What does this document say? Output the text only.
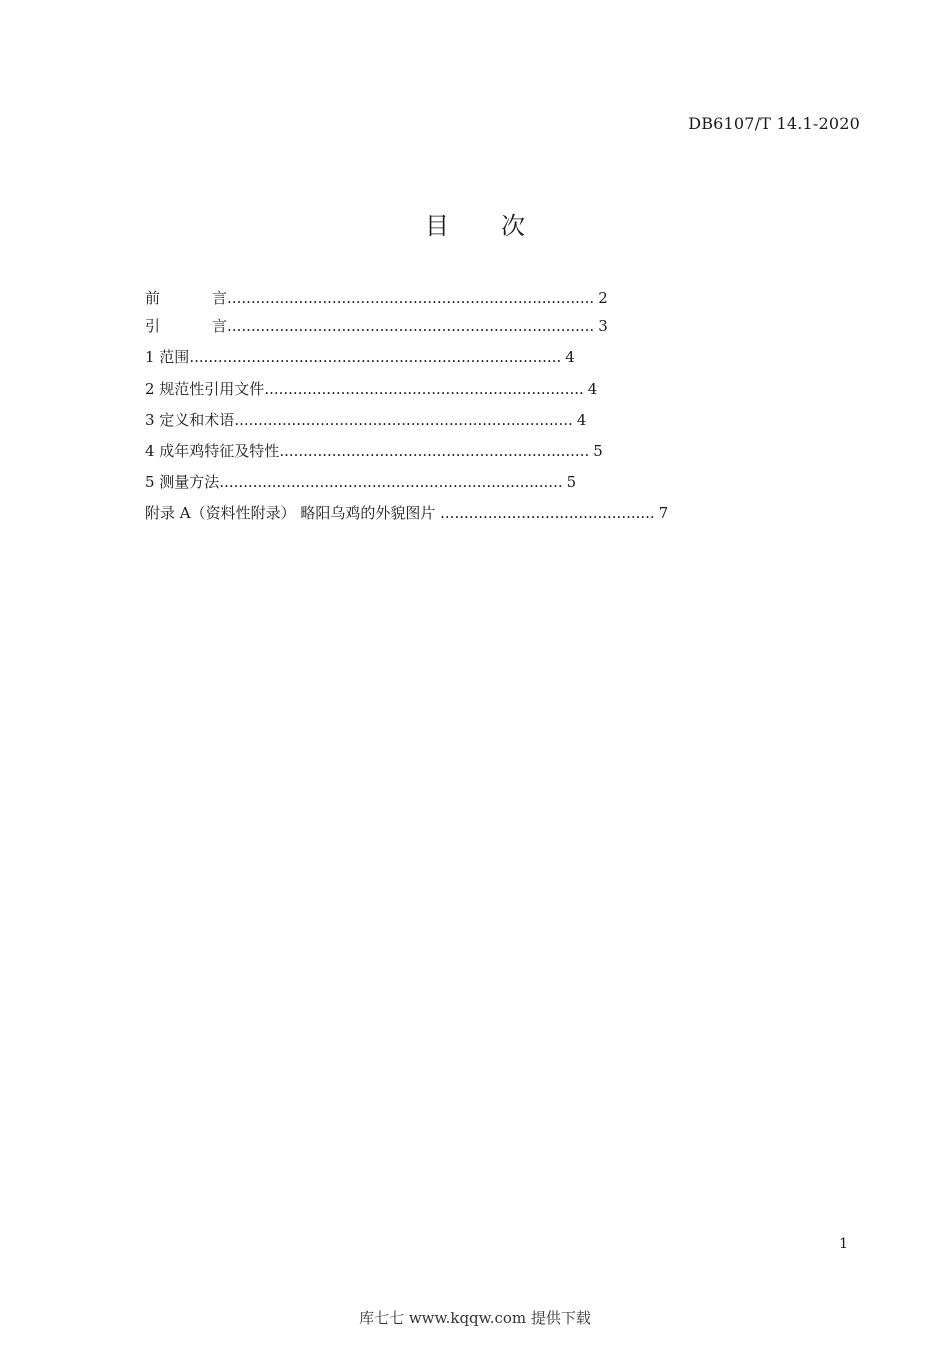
DB6107/T 14.1-2020
目 次
前	言............................................................................. 2
引	言............................................................................. 3
1 范围.............................................................................. 4
2 规范性引用文件................................................................... 4
3 定义和术语....................................................................... 4
4 成年鸡特征及特性................................................................. 5
5 测量方法........................................................................ 5
附录 A（资料性附录） 略阳乌鸡的外貌图片 ............................................. 7
1
库七七 www.kqqw.com 提供下载
